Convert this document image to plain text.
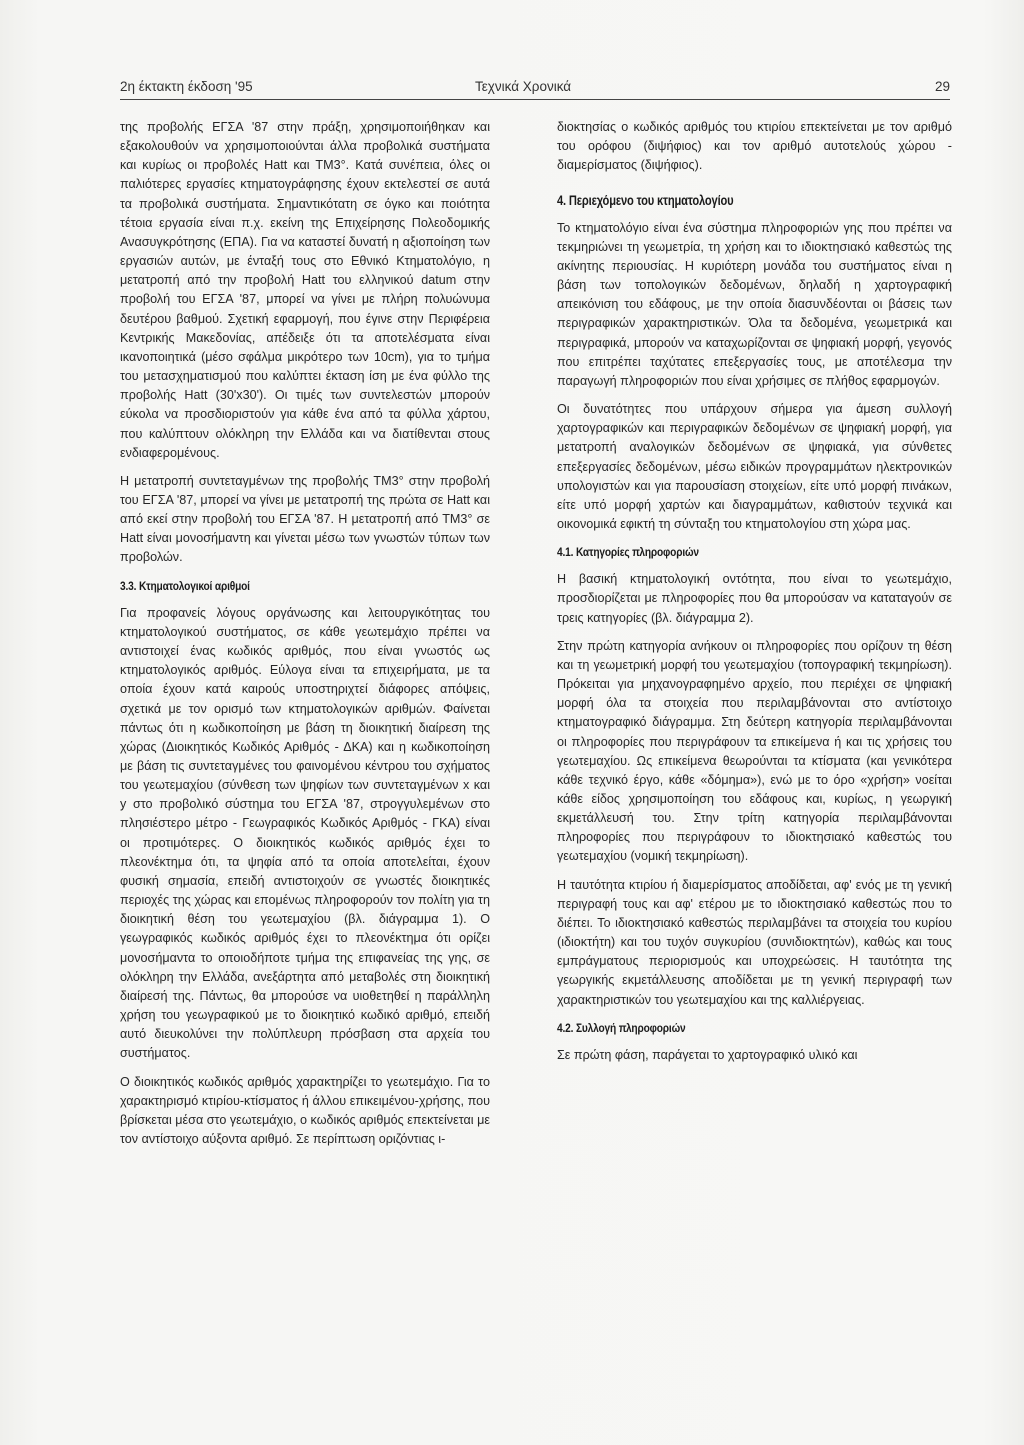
2η έκτακτη έκδοση '95	Τεχνικά Χρονικά	29

της προβολής ΕΓΣΑ '87 στην πράξη, χρησιμοποιήθηκαν και εξακολουθούν να χρησιμοποιούνται άλλα προβολικά συστήματα και κυρίως οι προβολές Hatt και ΤΜ3°. Κατά συνέπεια, όλες οι παλιότερες εργασίες κτηματογράφησης έχουν εκτελεστεί σε αυτά τα προβολικά συστήματα. Σημαντικότατη σε όγκο και ποιότητα τέτοια εργασία είναι π.χ. εκείνη της Επιχείρησης Πολεοδομικής Ανασυγκρότησης (ΕΠΑ). Για να καταστεί δυνατή η αξιοποίηση των εργασιών αυτών, με ένταξή τους στο Εθνικό Κτηματολόγιο, η μετατροπή από την προβολή Hatt του ελληνικού datum στην προβολή του ΕΓΣΑ '87, μπορεί να γίνει με πλήρη πολυώνυμα δευτέρου βαθμού. Σχετική εφαρμογή, που έγινε στην Περιφέρεια Κεντρικής Μακεδονίας, απέδειξε ότι τα αποτελέσματα είναι ικανοποιητικά (μέσο σφάλμα μικρότερο των 10cm), για το τμήμα του μετασχηματισμού που καλύπτει έκταση ίση με ένα φύλλο της προβολής Hatt (30'x30'). Οι τιμές των συντελεστών μπορούν εύκολα να προσδιοριστούν για κάθε ένα από τα φύλλα χάρτου, που καλύπτουν ολόκληρη την Ελλάδα και να διατίθενται στους ενδιαφερομένους.

Η μετατροπή συντεταγμένων της προβολής ΤΜ3° στην προβολή του ΕΓΣΑ '87, μπορεί να γίνει με μετατροπή της πρώτα σε Hatt και από εκεί στην προβολή του ΕΓΣΑ '87. Η μετατροπή από ΤΜ3° σε Hatt είναι μονοσήμαντη και γίνεται μέσω των γνωστών τύπων των προβολών.

3.3. Κτηματολογικοί αριθμοί

Για προφανείς λόγους οργάνωσης και λειτουργικότητας του κτηματολογικού συστήματος, σε κάθε γεωτεμάχιο πρέπει να αντιστοιχεί ένας κωδικός αριθμός, που είναι γνωστός ως κτηματολογικός αριθμός. Εύλογα είναι τα επιχειρήματα, με τα οποία έχουν κατά καιρούς υποστηριχτεί διάφορες απόψεις, σχετικά με τον ορισμό των κτηματολογικών αριθμών. Φαίνεται πάντως ότι η κωδικοποίηση με βάση τη διοικητική διαίρεση της χώρας (Διοικητικός Κωδικός Αριθμός - ΔΚΑ) και η κωδικοποίηση με βάση τις συντεταγμένες του φαινομένου κέντρου του σχήματος του γεωτεμαχίου (σύνθεση των ψηφίων των συντεταγμένων x και y στο προβολικό σύστημα του ΕΓΣΑ '87, στρογγυλεμένων στο πλησιέστερο μέτρο - Γεωγραφικός Κωδικός Αριθμός - ΓΚΑ) είναι οι προτιμότερες. Ο διοικητικός κωδικός αριθμός έχει το πλεονέκτημα ότι, τα ψηφία από τα οποία αποτελείται, έχουν φυσική σημασία, επειδή αντιστοιχούν σε γνωστές διοικητικές περιοχές της χώρας και επομένως πληροφορούν τον πολίτη για τη διοικητική θέση του γεωτεμαχίου (βλ. διάγραμμα 1). Ο γεωγραφικός κωδικός αριθμός έχει το πλεονέκτημα ότι ορίζει μονοσήμαντα το οποιοδήποτε τμήμα της επιφανείας της γης, σε ολόκληρη την Ελλάδα, ανεξάρτητα από μεταβολές στη διοικητική διαίρεσή της. Πάντως, θα μπορούσε να υιοθετηθεί η παράλληλη χρήση του γεωγραφικού με το διοικητικό κωδικό αριθμό, επειδή αυτό διευκολύνει την πολύπλευρη πρόσβαση στα αρχεία του συστήματος.

Ο διοικητικός κωδικός αριθμός χαρακτηρίζει το γεωτεμάχιο. Για το χαρακτηρισμό κτιρίου-κτίσματος ή άλλου επικειμένου-χρήσης, που βρίσκεται μέσα στο γεωτεμάχιο, ο κωδικός αριθμός επεκτείνεται με τον αντίστοιχο αύξοντα αριθμό. Σε περίπτωση οριζόντιας ι-

διοκτησίας ο κωδικός αριθμός του κτιρίου επεκτείνεται με τον αριθμό του ορόφου (διψήφιος) και τον αριθμό αυτοτελούς χώρου - διαμερίσματος (διψήφιος).

4. Περιεχόμενο του κτηματολογίου

Το κτηματολόγιο είναι ένα σύστημα πληροφοριών γης που πρέπει να τεκμηριώνει τη γεωμετρία, τη χρήση και το ιδιοκτησιακό καθεστώς της ακίνητης περιουσίας. Η κυριότερη μονάδα του συστήματος είναι η βάση των τοπολογικών δεδομένων, δηλαδή η χαρτογραφική απεικόνιση του εδάφους, με την οποία διασυνδέονται οι βάσεις των περιγραφικών χαρακτηριστικών. Όλα τα δεδομένα, γεωμετρικά και περιγραφικά, μπορούν να καταχωρίζονται σε ψηφιακή μορφή, γεγονός που επιτρέπει ταχύτατες επεξεργασίες τους, με αποτέλεσμα την παραγωγή πληροφοριών που είναι χρήσιμες σε πλήθος εφαρμογών.

Οι δυνατότητες που υπάρχουν σήμερα για άμεση συλλογή χαρτογραφικών και περιγραφικών δεδομένων σε ψηφιακή μορφή, για μετατροπή αναλογικών δεδομένων σε ψηφιακά, για σύνθετες επεξεργασίες δεδομένων, μέσω ειδικών προγραμμάτων ηλεκτρονικών υπολογιστών και για παρουσίαση στοιχείων, είτε υπό μορφή πινάκων, είτε υπό μορφή χαρτών και διαγραμμάτων, καθιστούν τεχνικά και οικονομικά εφικτή τη σύνταξη του κτηματολογίου στη χώρα μας.

4.1. Κατηγορίες πληροφοριών

Η βασική κτηματολογική οντότητα, που είναι το γεωτεμάχιο, προσδιορίζεται με πληροφορίες που θα μπορούσαν να καταταγούν σε τρεις κατηγορίες (βλ. διάγραμμα 2).

Στην πρώτη κατηγορία ανήκουν οι πληροφορίες που ορίζουν τη θέση και τη γεωμετρική μορφή του γεωτεμαχίου (τοπογραφική τεκμηρίωση). Πρόκειται για μηχανογραφημένο αρχείο, που περιέχει σε ψηφιακή μορφή όλα τα στοιχεία που περιλαμβάνονται στο αντίστοιχο κτηματογραφικό διάγραμμα. Στη δεύτερη κατηγορία περιλαμβάνονται οι πληροφορίες που περιγράφουν τα επικείμενα ή και τις χρήσεις του γεωτεμαχίου. Ως επικείμενα θεωρούνται τα κτίσματα (και γενικότερα κάθε τεχνικό έργο, κάθε «δόμημα»), ενώ με το όρο «χρήση» νοείται κάθε είδος χρησιμοποίηση του εδάφους και, κυρίως, η γεωργική εκμετάλλευσή του. Στην τρίτη κατηγορία περιλαμβάνονται πληροφορίες που περιγράφουν το ιδιοκτησιακό καθεστώς του γεωτεμαχίου (νομική τεκμηρίωση).

Η ταυτότητα κτιρίου ή διαμερίσματος αποδίδεται, αφ' ενός με τη γενική περιγραφή τους και αφ' ετέρου με το ιδιοκτησιακό καθεστώς που το διέπει. Το ιδιοκτησιακό καθεστώς περιλαμβάνει τα στοιχεία του κυρίου (ιδιοκτήτη) και του τυχόν συγκυρίου (συνιδιοκτητών), καθώς και τους εμπράγματους περιορισμούς και υποχρεώσεις. Η ταυτότητα της γεωργικής εκμετάλλευσης αποδίδεται με τη γενική περιγραφή των χαρακτηριστικών του γεωτεμαχίου και της καλλιέργειας.

4.2. Συλλογή πληροφοριών

Σε πρώτη φάση, παράγεται το χαρτογραφικό υλικό και
